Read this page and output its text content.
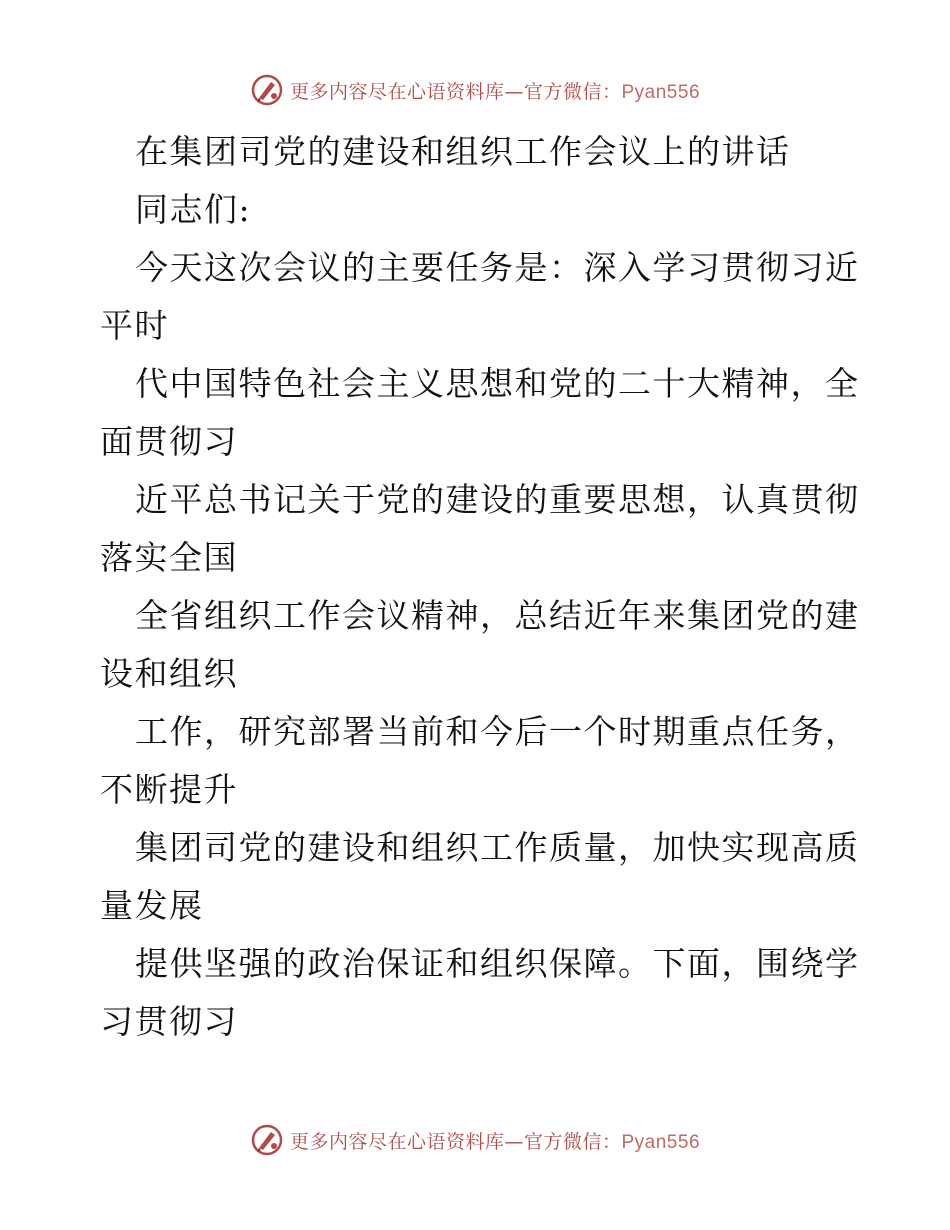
更多内容尽在心语资料库—官方微信：Pyan556
在集团司党的建设和组织工作会议上的讲话
同志们:
今天这次会议的主要任务是：深入学习贯彻习近
平时
代中国特色社会主义思想和党的二十大精神，全
面贯彻习
近平总书记关于党的建设的重要思想，认真贯彻
落实全国
全省组织工作会议精神，总结近年来集团党的建
设和组织
工作，研究部署当前和今后一个时期重点任务，
不断提升
集团司党的建设和组织工作质量，加快实现高质
量发展
提供坚强的政治保证和组织保障。下面，围绕学
习贯彻习
更多内容尽在心语资料库—官方微信：Pyan556
